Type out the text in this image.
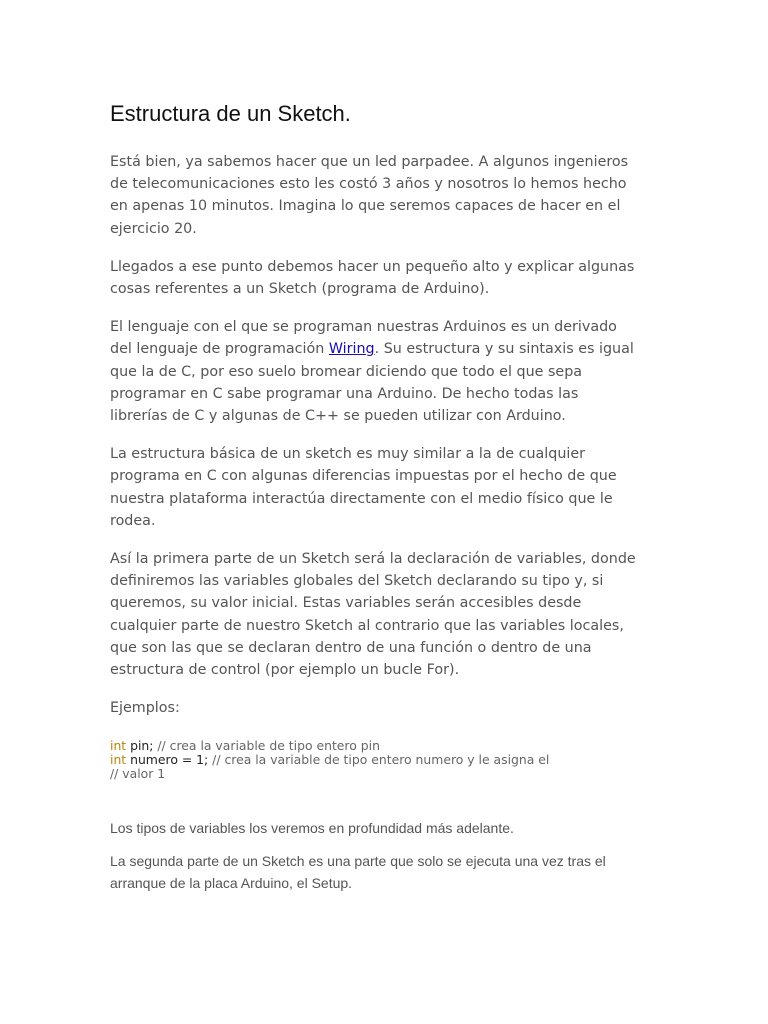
Estructura de un Sketch.

Está bien, ya sabemos hacer que un led parpadee. A algunos ingenieros
de telecomunicaciones esto les costó 3 años y nosotros lo hemos hecho
en apenas 10 minutos. Imagina lo que seremos capaces de hacer en el
ejercicio 20.

Llegados a ese punto debemos hacer un pequeño alto y explicar algunas
cosas referentes a un Sketch (programa de Arduino).

El lenguaje con el que se programan nuestras Arduinos es un derivado
del lenguaje de programación Wiring. Su estructura y su sintaxis es igual
que la de C, por eso suelo bromear diciendo que todo el que sepa
programar en C sabe programar una Arduino. De hecho todas las
librerías de C y algunas de C++ se pueden utilizar con Arduino.

La estructura básica de un sketch es muy similar a la de cualquier
programa en C con algunas diferencias impuestas por el hecho de que
nuestra plataforma interactúa directamente con el medio físico que le
rodea.

Así la primera parte de un Sketch será la declaración de variables, donde
definiremos las variables globales del Sketch declarando su tipo y, si
queremos, su valor inicial. Estas variables serán accesibles desde
cualquier parte de nuestro Sketch al contrario que las variables locales,
que son las que se declaran dentro de una función o dentro de una
estructura de control (por ejemplo un bucle For).

Ejemplos:

int pin; // crea la variable de tipo entero pin
int numero = 1; // crea la variable de tipo entero numero y le asigna el
// valor 1

Los tipos de variables los veremos en profundidad más adelante.

La segunda parte de un Sketch es una parte que solo se ejecuta una vez tras el
arranque de la placa Arduino, el Setup.
